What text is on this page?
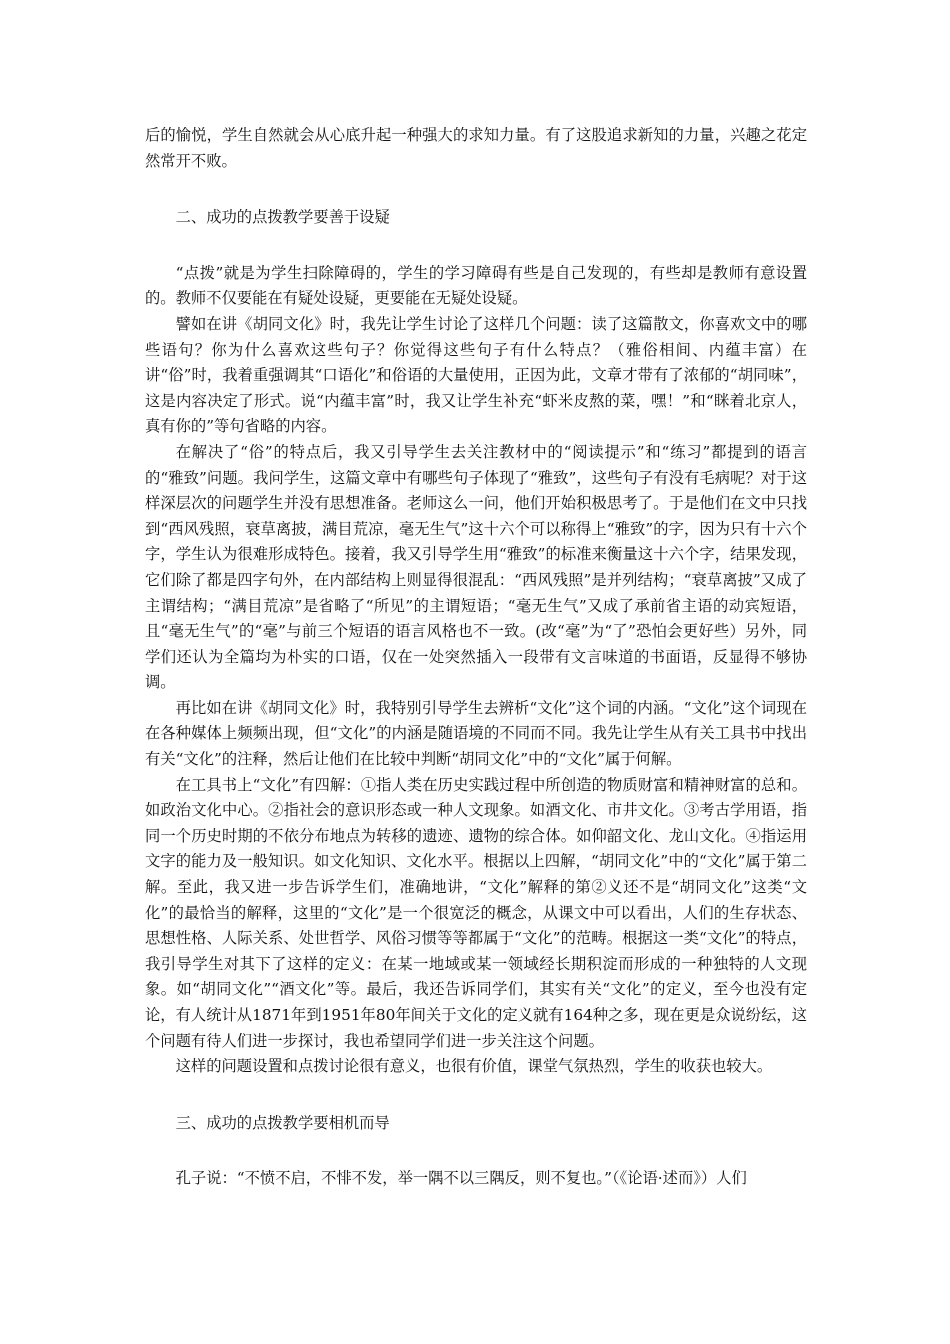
后的愉悦，学生自然就会从心底升起一种强大的求知力量。有了这股追求新知的力量，兴趣之花定然常开不败。

二、成功的点拨教学要善于设疑

“点拨”就是为学生扫除障碍的，学生的学习障碍有些是自己发现的，有些却是教师有意设置的。教师不仅要能在有疑处设疑，更要能在无疑处设疑。

譬如在讲《胡同文化》时，我先让学生讨论了这样几个问题：读了这篇散文，你喜欢文中的哪些语句？你为什么喜欢这些句子？你觉得这些句子有什么特点？（雅俗相间、内蕴丰富）在讲“俗”时，我着重强调其“口语化”和俗语的大量使用，正因为此，文章才带有了浓郁的“胡同味”，这是内容决定了形式。说“内蕴丰富”时，我又让学生补充“虾米皮熬的菜，嘿！”和“眯着北京人，真有你的”等句省略的内容。

在解决了“俗”的特点后，我又引导学生去关注教材中的“阅读提示”和“练习”都提到的语言的“雅致”问题。我问学生，这篇文章中有哪些句子体现了“雅致”，这些句子有没有毛病呢？对于这样深层次的问题学生并没有思想准备。老师这么一问，他们开始积极思考了。于是他们在文中只找到“西风残照，衰草离披，满目荒凉，毫无生气”这十六个可以称得上“雅致”的字，因为只有十六个字，学生认为很难形成特色。接着，我又引导学生用“雅致”的标准来衡量这十六个字，结果发现，它们除了都是四字句外，在内部结构上则显得很混乱：“西风残照”是并列结构；“衰草离披”又成了主谓结构；“满目荒凉”是省略了“所见”的主谓短语；“毫无生气”又成了承前省主语的动宾短语，且“毫无生气”的“毫”与前三个短语的语言风格也不一致。(改“毫”为“了”恐怕会更好些）另外，同学们还认为全篇均为朴实的口语，仅在一处突然插入一段带有文言味道的书面语，反显得不够协调。

再比如在讲《胡同文化》时，我特别引导学生去辨析“文化”这个词的内涵。“文化”这个词现在在各种媒体上频频出现，但“文化”的内涵是随语境的不同而不同。我先让学生从有关工具书中找出有关“文化”的注释，然后让他们在比较中判断“胡同文化”中的“文化”属于何解。

在工具书上“文化”有四解：①指人类在历史实践过程中所创造的物质财富和精神财富的总和。如政治文化中心。②指社会的意识形态或一种人文现象。如酒文化、市井文化。③考古学用语，指同一个历史时期的不依分布地点为转移的遗迹、遗物的综合体。如仰韶文化、龙山文化。④指运用文字的能力及一般知识。如文化知识、文化水平。根据以上四解，“胡同文化”中的“文化”属于第二解。至此，我又进一步告诉学生们，准确地讲，“文化”解释的第②义还不是“胡同文化”这类“文化”的最恰当的解释，这里的“文化”是一个很宽泛的概念，从课文中可以看出，人们的生存状态、思想性格、人际关系、处世哲学、风俗习惯等等都属于“文化”的范畴。根据这一类“文化”的特点，我引导学生对其下了这样的定义：在某一地域或某一领域经长期积淀而形成的一种独特的人文现象。如“胡同文化”“酒文化”等。最后，我还告诉同学们，其实有关“文化”的定义，至今也没有定论，有人统计从1871年到1951年80年间关于文化的定义就有164种之多，现在更是众说纷纭，这个问题有待人们进一步探讨，我也希望同学们进一步关注这个问题。

这样的问题设置和点拨讨论很有意义，也很有价值，课堂气氛热烈，学生的收获也较大。

三、成功的点拨教学要相机而导

孔子说：“不愤不启，不悱不发，举一隅不以三隅反，则不复也。”（《论语·述而》）人们
